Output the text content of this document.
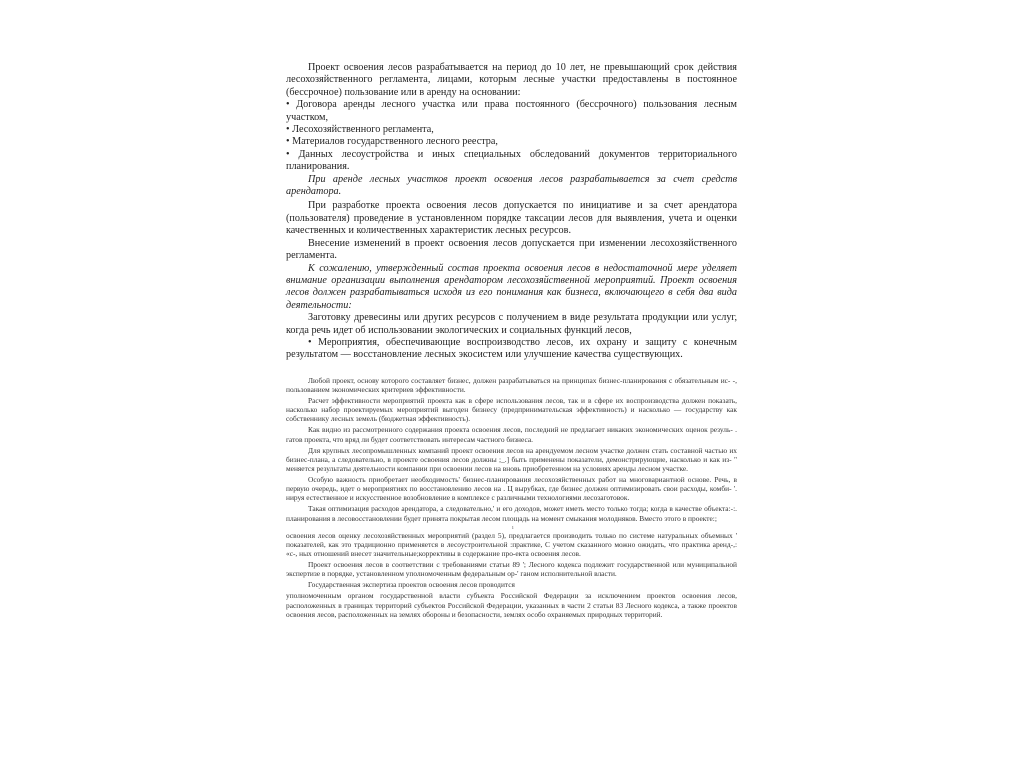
Проект освоения лесов разрабатывается на период до 10 лет, не превышающий срок действия лесохозяйственного регламента, лицами, которым лесные участки предоставлены в постоянное (бессрочное) пользование или в аренду на основании:

• Договора аренды лесного участка или права постоянного (бессрочного) пользования лесным участком,

• Лесохозяйственного регламента,

• Материалов государственного лесного реестра,

• Данных лесоустройства и иных специальных обследований документов территориального планирования.

При аренде лесных участков проект освоения лесов разрабатывается за счет средств арендатора.

При разработке проекта освоения лесов допускается по инициативе и за счет арендатора (пользователя) проведение в установленном порядке таксации лесов для выявления, учета и оценки качественных и количественных характеристик лесных ресурсов.

Внесение изменений в проект освоения лесов допускается при изменении лесохозяйственного регламента.

К сожалению, утвержденный состав проекта освоения лесов в недостаточной мере уделяет внимание организации выполнения арендатором лесохозяйственной мероприятий. Проект освоения лесов должен разрабатываться исходя из его понимания как бизнеса, включающего в себя два вида деятельности:

Заготовку древесины или других ресурсов с получением в виде результата продукции или услуг, когда речь идет об использовании экологических и социальных функций лесов,

• Мероприятия, обеспечивающие воспроизводство лесов, их охрану и защиту с конечным результатом — восстановление лесных экосистем или улучшение качества существующих.

Любой проект, основу которого составляет бизнес, должен разрабатываться на принципах бизнес-планирования с обязательным ис- -, пользованием экономических критериев эффективности.

Расчет эффективности мероприятий проекта как в сфере использования лесов, так и в сфере их воспроизводства должен показать, насколько набор проектируемых мероприятий выгоден бизнесу (предпринимательская эффективность) и насколько — государству как собственнику лесных земель (бюджетная эффективность).

Как видно из рассмотренного содержания проекта освоения лесов, последний не предлагает никаких экономических оценок резуль- . гатов проекта, что вряд ли будет соответствовать интересам частного бизнеса.

Для крупных лесопромышленных компаний проект освоения лесов на арендуемом лесном участке должен стать составной частью их бизнес-плана, а следовательно, в проекте освоения лесов должны ;_.] быть применены показатели, демонстрирующие, насколько и как из- " меняется результаты деятельности компании при освоении лесов на вновь приобретенном на условиях аренды лесном участке.

Особую важность приобретает необходимость' бизнес-планирования лесохозяйственных работ на многовариантной основе. Речь, в первую очередь, идет о мероприятиях по восстановлению лесов на . Ц вырубках, где бизнес должен оптимизировать свои расходы, комби- '. нируя естественное и искусственное возобновление в комплексе с различными технологиями лесозаготовок.

Такая оптимизация расходов арендатора, а следовательно,' и его доходов, может иметь место только тогда; когда в качестве объекта:-:. планирования в лесовосстановлении будет принята покрытая лесом площадь на момент смыкания молодняков. Вместо этого в проекте:;

ı

освоения лесов оценку лесохозяйственных мероприятий (раздел 5), предлагается производить только по системе натуральных объемных ' показателей, как это традиционно применяется в лесоустроительной :практике, С учетом сказанного можно ожидать, что практика аренд-,: «с-, ных отношений внесет значительные;коррективы в содержание про-екта освоения лесов.

Проект освоения лесов в соответствии с требованиями статьи 89 '; Лесного кодекса подлежит государственной или муниципальной экспертизе в порядке, установленном уполномоченным федеральным ор-' ганом исполнительной власти.

Государственная экспертиза проектов освоения лесов проводится

уполномоченным органом государственной власти субъекта Российской Федерации за исключением проектов освоения лесов, расположенных в границах территорий субъектов Российской Федерации, указанных в части 2 статьи 83 Лесного кодекса, а также проектов освоения лесов, расположенных на землях обороны и безопасности, землях особо охраняемых природных территорий.
